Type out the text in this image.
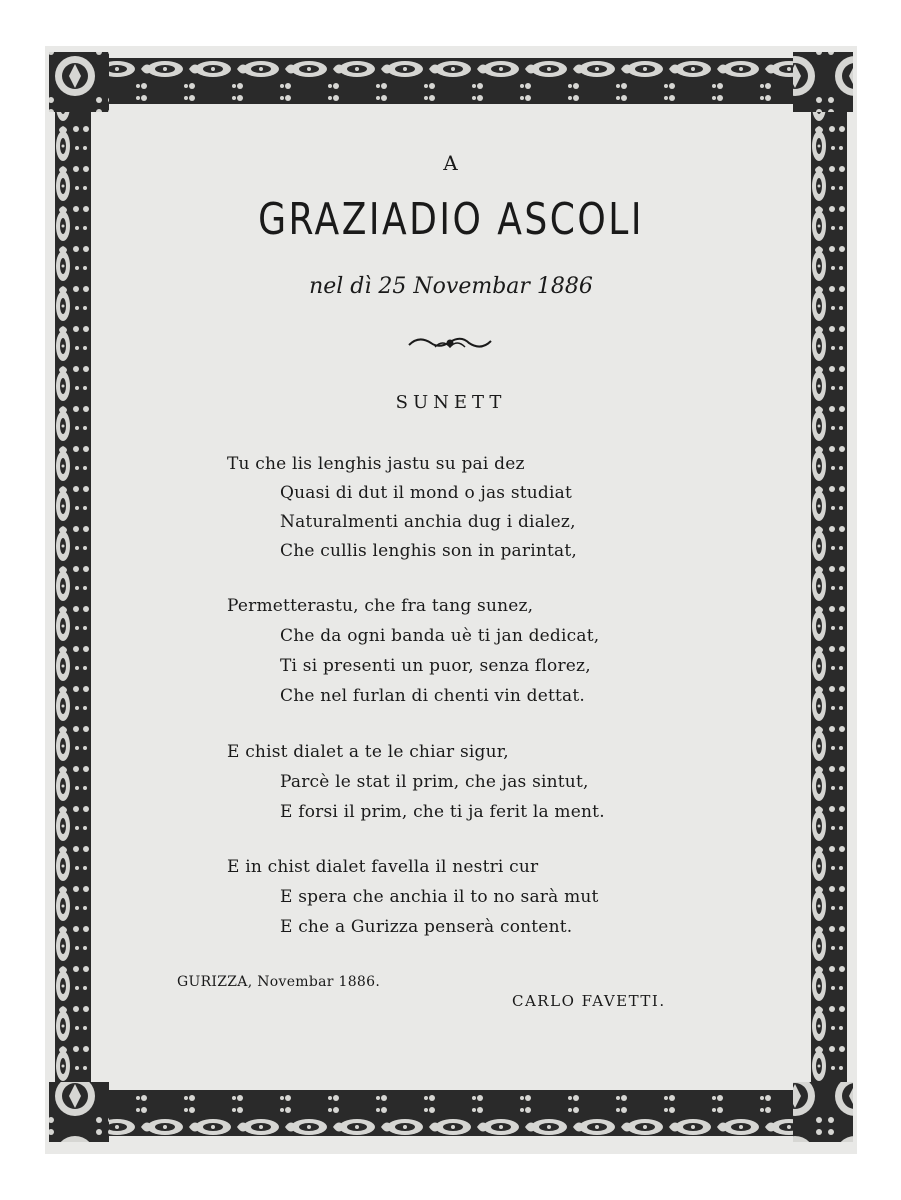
A

GRAZIADIO ASCOLI

nel dì 25 Novembar 1886

SUNETT

Tu che lis lenghis jastu su pai dez

Quasi di dut il mond o jas studiat

Naturalmenti anchia dug i dialez,

Che cullis lenghis son in parintat,

Permetterastu, che fra tang sunez,

Che da ogni banda uè ti jan dedicat,

Ti si presenti un puor, senza florez,

Che nel furlan di chenti vin dettat.

E chist dialet a te le chiar sigur,

Parcè le stat il prim, che jas sintut,

E forsi il prim, che ti ja ferit la ment.

E in chist dialet favella il nestri cur

E spera che anchia il to no sarà mut

E che a Gurizza penserà content.

GURIZZA, Novembar 1886.

CARLO FAVETTI.
